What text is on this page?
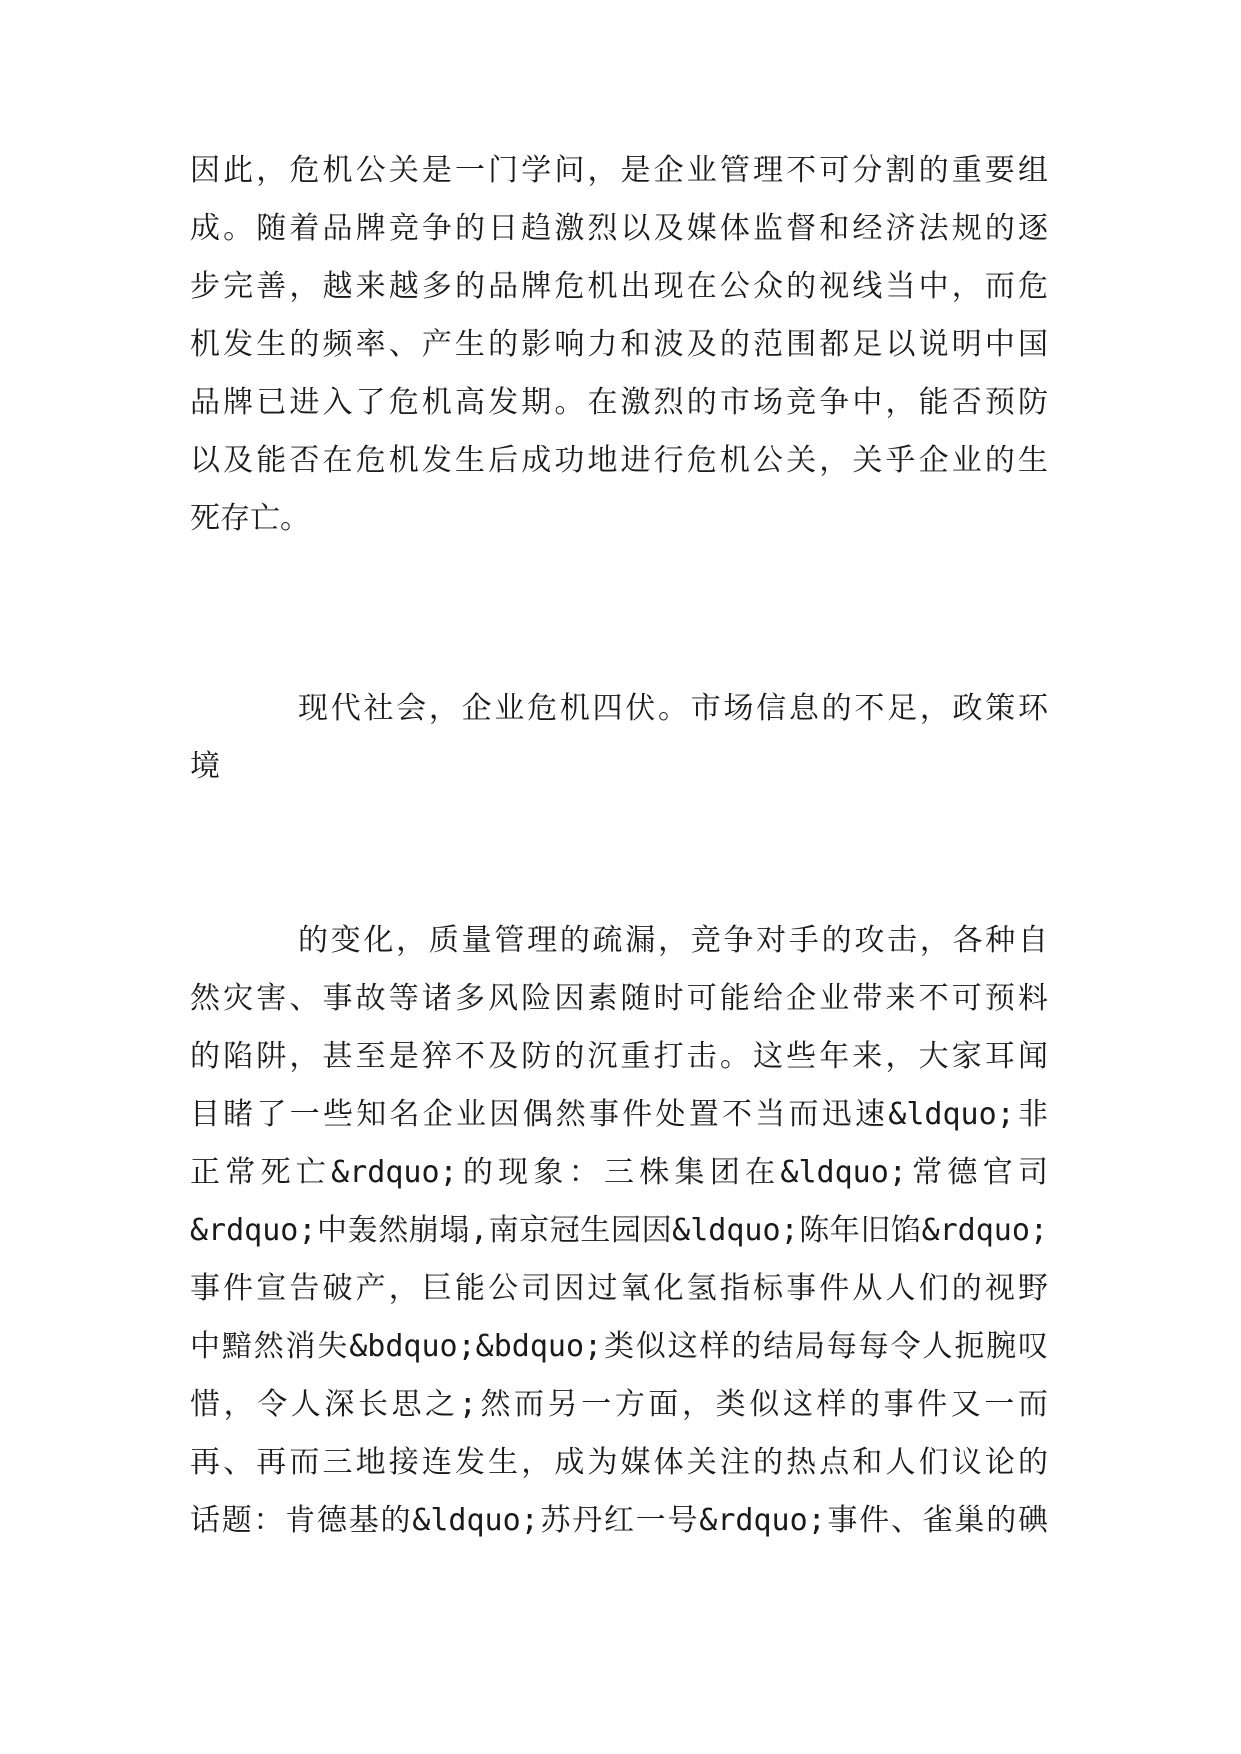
因此，危机公关是一门学问，是企业管理不可分割的重要组
成。随着品牌竞争的日趋激烈以及媒体监督和经济法规的逐
步完善，越来越多的品牌危机出现在公众的视线当中，而危
机发生的频率、产生的影响力和波及的范围都足以说明中国
品牌已进入了危机高发期。在激烈的市场竞争中，能否预防
以及能否在危机发生后成功地进行危机公关，关乎企业的生
死存亡。
现代社会，企业危机四伏。市场信息的不足，政策环
境
的变化，质量管理的疏漏，竞争对手的攻击，各种自
然灾害、事故等诸多风险因素随时可能给企业带来不可预料
的陷阱，甚至是猝不及防的沉重打击。这些年来，大家耳闻
目睹了一些知名企业因偶然事件处置不当而迅速&ldquo;非
正常死亡&rdquo;的现象：三株集团在&ldquo;常德官司
&rdquo;中轰然崩塌,南京冠生园因&ldquo;陈年旧馅&rdquo;
事件宣告破产，巨能公司因过氧化氢指标事件从人们的视野
中黯然消失&bdquo;&bdquo;类似这样的结局每每令人扼腕叹
惜，令人深长思之;然而另一方面，类似这样的事件又一而
再、再而三地接连发生，成为媒体关注的热点和人们议论的
话题：肯德基的&ldquo;苏丹红一号&rdquo;事件、雀巢的碘
